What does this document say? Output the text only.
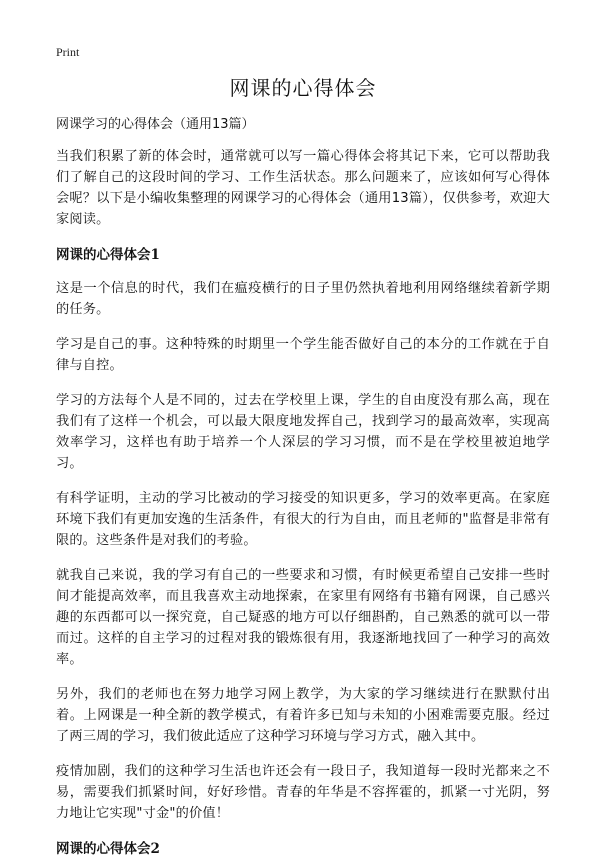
Print
网课的心得体会
网课学习的心得体会（通用13篇）

当我们积累了新的体会时，通常就可以写一篇心得体会将其记下来，它可以帮助我们了解自己的这段时间的学习、工作生活状态。那么问题来了，应该如何写心得体会呢？以下是小编收集整理的网课学习的心得体会（通用13篇），仅供参考，欢迎大家阅读。

网课的心得体会1

这是一个信息的时代，我们在瘟疫横行的日子里仍然执着地利用网络继续着新学期的任务。

学习是自己的事。这种特殊的时期里一个学生能否做好自己的本分的工作就在于自律与自控。

学习的方法每个人是不同的，过去在学校里上课，学生的自由度没有那么高，现在我们有了这样一个机会，可以最大限度地发挥自己，找到学习的最高效率，实现高效率学习，这样也有助于培养一个人深层的学习习惯，而不是在学校里被迫地学习。

有科学证明，主动的学习比被动的学习接受的知识更多，学习的效率更高。在家庭环境下我们有更加安逸的生活条件，有很大的行为自由，而且老师的"监督是非常有限的。这些条件是对我们的考验。

就我自己来说，我的学习有自己的一些要求和习惯，有时候更希望自己安排一些时间才能提高效率，而且我喜欢主动地探索，在家里有网络有书籍有网课，自己感兴趣的东西都可以一探究竟，自己疑惑的地方可以仔细斟酌，自己熟悉的就可以一带而过。这样的自主学习的过程对我的锻炼很有用，我逐渐地找回了一种学习的高效率。

另外，我们的老师也在努力地学习网上教学，为大家的学习继续进行在默默付出着。上网课是一种全新的教学模式，有着许多已知与未知的小困难需要克服。经过了两三周的学习，我们彼此适应了这种学习环境与学习方式，融入其中。

疫情加剧，我们的这种学习生活也许还会有一段日子，我知道每一段时光都来之不易，需要我们抓紧时间，好好珍惜。青春的年华是不容挥霍的，抓紧一寸光阴，努力地让它实现"寸金"的价值！

网课的心得体会2
